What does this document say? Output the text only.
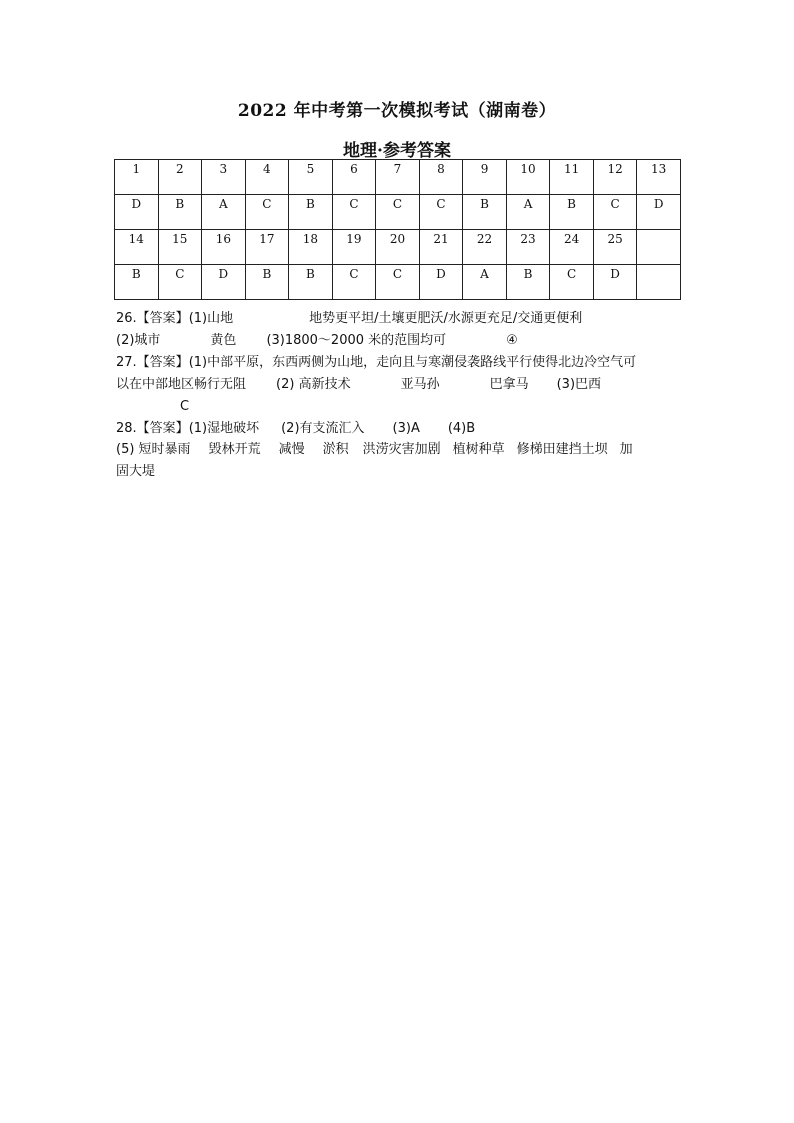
2022 年中考第一次模拟考试（湖南卷）
地理·参考答案
1	2	3	4	5	6	7	8	9	10	11	12	13
D	B	A	C	B	C	C	C	B	A	B	C	D
14	15	16	17	18	19	20	21	22	23	24	25	
B	C	D	B	B	C	C	D	A	B	C	D	
26.【答案】(1)山地	地势更平坦/土壤更肥沃/水源更充足/交通更便利
(2)城市	黄色 (3)1800～2000 米的范围均可	④
27.【答案】(1)中部平原，东西两侧为山地，走向且与寒潮侵袭路线平行使得北边冷空气可
以在中部地区畅行无阻 (2) 高新技术	亚马孙	巴拿马 (3)巴西
C
28.【答案】(1)湿地破坏 (2)有支流汇入 (3)A (4)B
(5) 短时暴雨 毁林开荒 减慢 淤积 洪涝灾害加剧 植树种草 修梯田建挡土坝 加
固大堤
